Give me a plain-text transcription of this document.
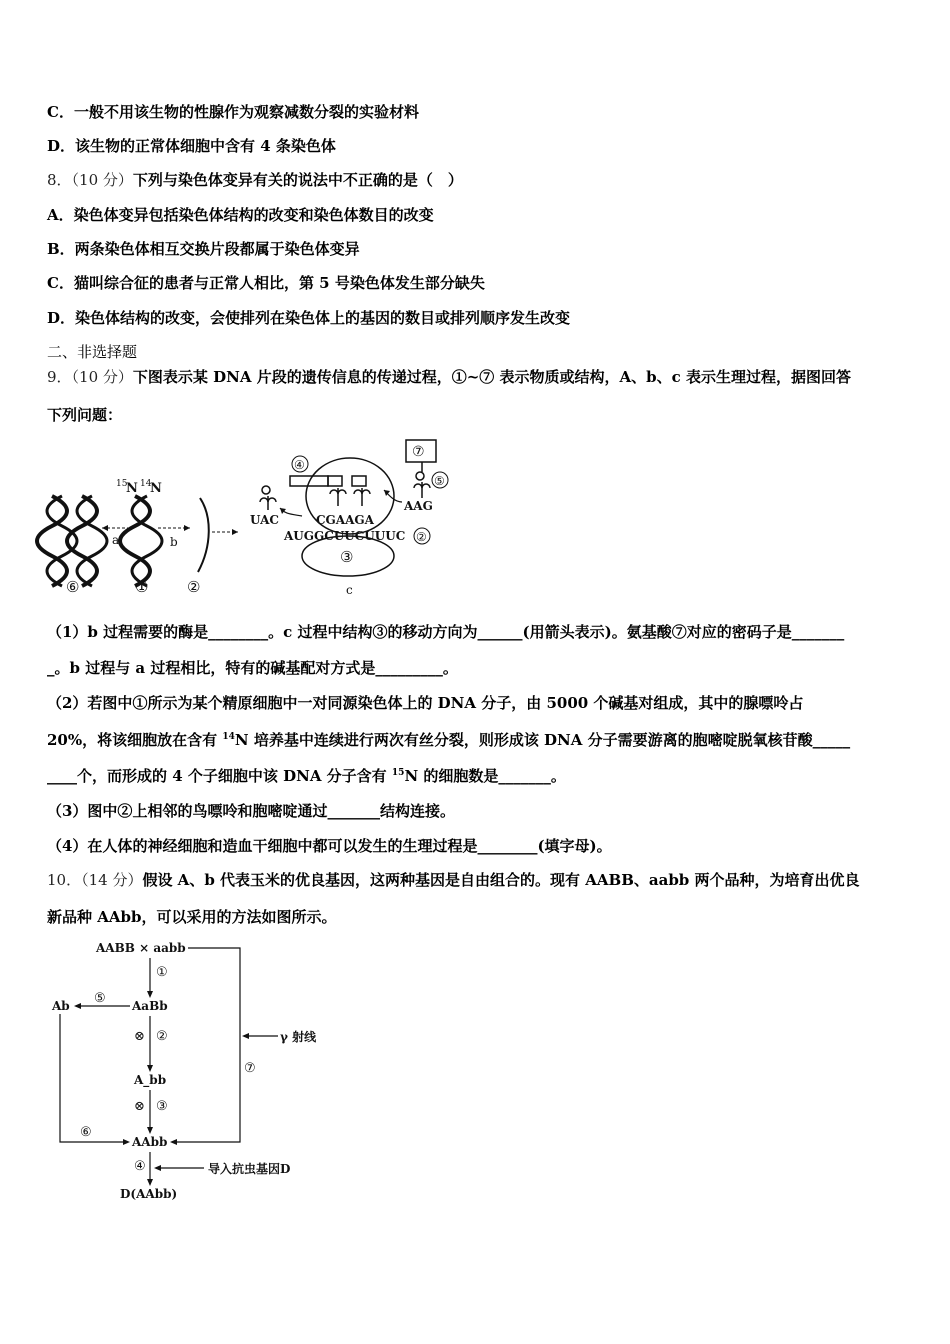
C．一般不用该生物的性腺作为观察减数分裂的实验材料
D．该生物的正常体细胞中含有 4 条染色体
8．（10 分）下列与染色体变异有关的说法中不正确的是（　）
A．染色体变异包括染色体结构的改变和染色体数目的改变
B．两条染色体相互交换片段都属于染色体变异
C．猫叫综合征的患者与正常人相比，第 5 号染色体发生部分缺失
D．染色体结构的改变，会使排列在染色体上的基因的数目或排列顺序发生改变
二、非选择题
9．（10 分）下图表示某 DNA 片段的遗传信息的传递过程，①~⑦ 表示物质或结构，A、b、c 表示生理过程，据图回答
下列问题：
a
15
N 14
N
b
⑥	①	②
UAC
④
③
c
CGAAGA
AUGGCUUCUUUC ②
⑦
⑤
AAG
（1）b 过程需要的酶是________。c 过程中结构③的移动方向为______(用箭头表示)。氨基酸⑦对应的密码子是_______
_。b 过程与 a 过程相比，特有的碱基配对方式是_________。
（2）若图中①所示为某个精原细胞中一对同源染色体上的 DNA 分子，由 5000 个碱基对组成，其中的腺嘌呤占
20%，将该细胞放在含有 $^{14}$N 培养基中连续进行两次有丝分裂，则形成该 DNA 分子需要游离的胞嘧啶脱氧核苷酸_____
____个，而形成的 4 个子细胞中该 DNA 分子含有 $^{15}$N 的细胞数是_______。
（3）图中②上相邻的鸟嘌呤和胞嘧啶通过_______结构连接。
（4）在人体的神经细胞和造血干细胞中都可以发生的生理过程是________(填字母)。
10．（14 分）假设 A、b 代表玉米的优良基因，这两种基因是自由组合的。现有 AABB、aabb 两个品种，为培育出优良
新品种 AAbb，可以采用的方法如图所示。
AABB × aabb
AaBb
A_bb
AAbb
D(AAbb)
Ab
①
⊗ ②
⊗ ③
④
⑤
⑥
⑦
γ 射线
导入抗虫基因D
